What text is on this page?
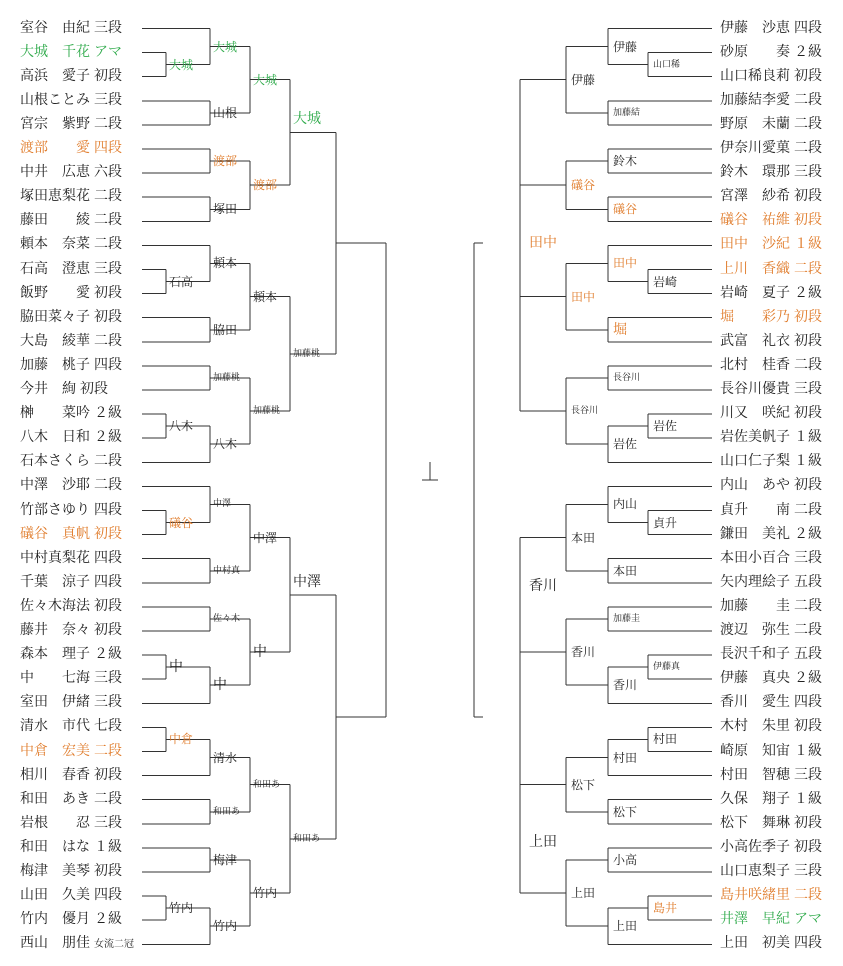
室谷　由紀 三段
大城　千花 アマ
高浜　愛子 初段
山根ことみ 三段
宮宗　紫野 二段
渡部　　愛 四段
中井　広恵 六段
塚田恵梨花 二段
藤田　　綾 二段
頼本　奈菜 二段
石高　澄恵 三段
飯野　　愛 初段
脇田菜々子 初段
大島　綾華 二段
加藤　桃子 四段
今井　絢 初段
榊　　菜吟 ２級
八木　日和 ２級
石本さくら 二段
中澤　沙耶 二段
竹部さゆり 四段
礒谷　真帆 初段
中村真梨花 四段
千葉　涼子 四段
佐々木海法 初段
藤井　奈々 初段
森本　理子 ２級
中　　七海 三段
室田　伊緒 三段
清水　市代 七段
中倉　宏美 二段
相川　春香 初段
和田　あき 二段
岩根　　忍 三段
和田　はな １級
梅津　美琴 初段
山田　久美 四段
竹内　優月 ２級
西山　朋佳 女流二冠
伊藤　沙恵 四段
砂原　　奏 ２級
山口稀良莉 初段
加藤結李愛 二段
野原　未蘭 二段
伊奈川愛菓 二段
鈴木　環那 三段
宮澤　紗希 初段
礒谷　祐維 初段
田中　沙紀 １級
上川　香織 二段
岩崎　夏子 ２級
堀　　彩乃 初段
武富　礼衣 初段
北村　桂香 二段
長谷川優貴 三段
川又　咲紀 初段
岩佐美帆子 １級
山口仁子梨 １級
内山　あや 初段
貞升　　南 二段
鎌田　美礼 ２級
本田小百合 三段
矢内理絵子 五段
加藤　　圭 二段
渡辺　弥生 二段
長沢千和子 五段
伊藤　真央 ２級
香川　愛生 四段
木村　朱里 初段
崎原　知宙 １級
村田　智穂 三段
久保　翔子 １級
松下　舞琳 初段
小高佐季子 初段
山口恵梨子 三段
島井咲緒里 二段
井澤　早紀 アマ
上田　初美 四段
大城
石高
八木
礒谷
中
中倉
竹内
大城
山根
渡部
塚田
頼本
脇田
加藤桃
八木
中澤
中村真
佐々木
中
清水
和田あ
梅津
竹内
大城
渡部
頼本
加藤桃
中澤
中
和田あ
竹内
大城
加藤桃
中澤
和田あ
山口稀
岩崎
岩佐
貞升
伊藤真
村田
島井
伊藤
加藤結
鈴木
礒谷
田中
堀
長谷川
岩佐
内山
本田
加藤圭
香川
村田
松下
小高
上田
伊藤
礒谷
田中
長谷川
本田
香川
松下
上田
田中
香川
上田
